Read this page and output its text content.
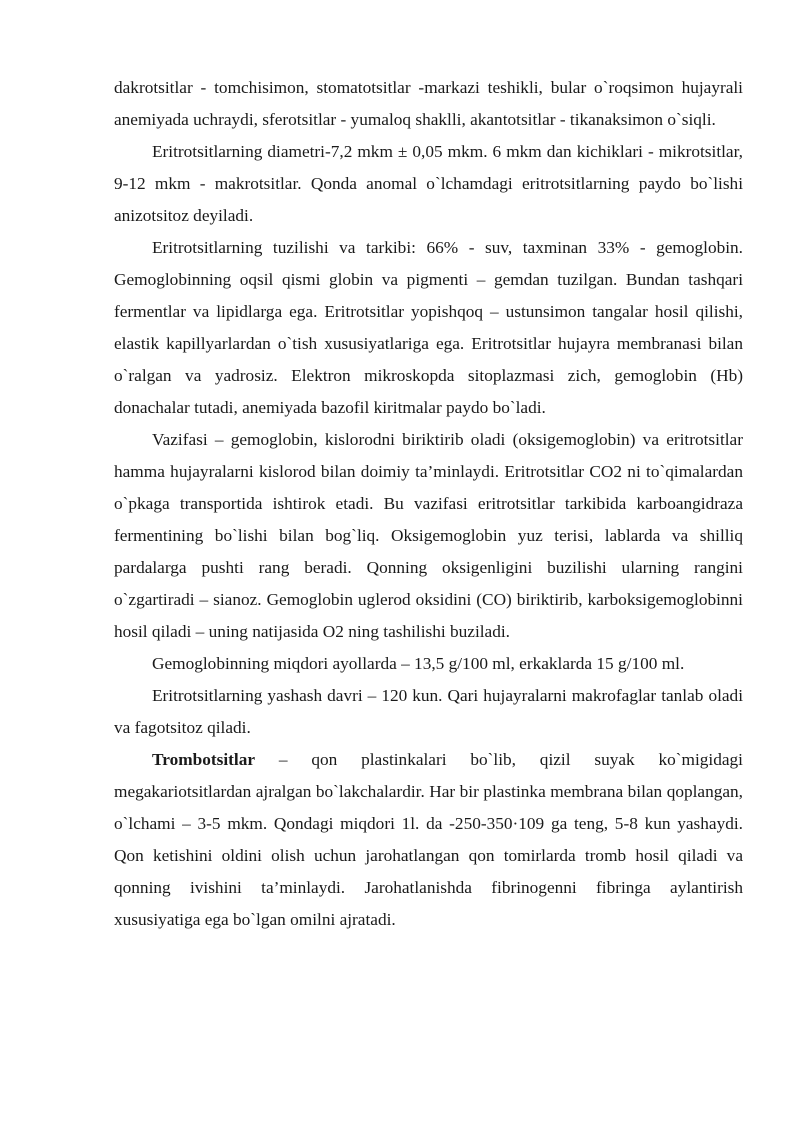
dakrotsitlar - tomchisimon, stomatotsitlar -markazi teshikli, bular o`roqsimon hujayrali anemiyada uchraydi, sferotsitlar - yumaloq shaklli, akantotsitlar - tikanaksimon o`siqli.

Eritrotsitlarning diametri-7,2 mkm ± 0,05 mkm. 6 mkm dan kichiklari - mikrotsitlar, 9-12 mkm - makrotsitlar. Qonda anomal o`lchamdagi eritrotsitlarning paydo bo`lishi anizotsitoz deyiladi.

Eritrotsitlarning tuzilishi va tarkibi: 66% - suv, taxminan 33% - gemoglobin. Gemoglobinning oqsil qismi globin va pigmenti – gemdan tuzilgan. Bundan tashqari fermentlar va lipidlarga ega. Eritrotsitlar yopishqoq – ustunsimon tangalar hosil qilishi, elastik kapillyarlardan o`tish xususiyatlariga ega. Eritrotsitlar hujayra membranasi bilan o`ralgan va yadrosiz. Elektron mikroskopda sitoplazmasi zich, gemoglobin (Hb) donachalar tutadi, anemiyada bazofil kiritmalar paydo bo`ladi.

Vazifasi – gemoglobin, kislorodni biriktirib oladi (oksigemoglobin) va eritrotsitlar hamma hujayralarni kislorod bilan doimiy ta’minlaydi. Eritrotsitlar CO2 ni to`qimalardan o`pkaga transportida ishtirok etadi. Bu vazifasi eritrotsitlar tarkibida karboangidraza fermentining bo`lishi bilan bog`liq. Oksigemoglobin yuz terisi, lablarda va shilliq pardalarga pushti rang beradi. Qonning oksigenligini buzilishi ularning rangini o`zgartiradi – sianoz. Gemoglobin uglerod oksidini (CO) biriktirib, karboksigemoglobinni hosil qiladi – uning natijasida O2 ning tashilishi buziladi.

Gemoglobinning miqdori ayollarda – 13,5 g/100 ml, erkaklarda 15 g/100 ml.

Eritrotsitlarning yashash davri – 120 kun. Qari hujayralarni makrofaglar tanlab oladi va fagotsitoz qiladi.

Trombotsitlar – qon plastinkalari bo`lib, qizil suyak ko`migidagi megakariotsitlardan ajralgan bo`lakchalardir. Har bir plastinka membrana bilan qoplangan, o`lchami – 3-5 mkm. Qondagi miqdori 1l. da -250-350·109 ga teng, 5-8 kun yashaydi. Qon ketishini oldini olish uchun jarohatlangan qon tomirlarda tromb hosil qiladi va qonning ivishini ta’minlaydi. Jarohatlanishda fibrinogenni fibringa aylantirish xususiyatiga ega bo`lgan omilni ajratadi.
